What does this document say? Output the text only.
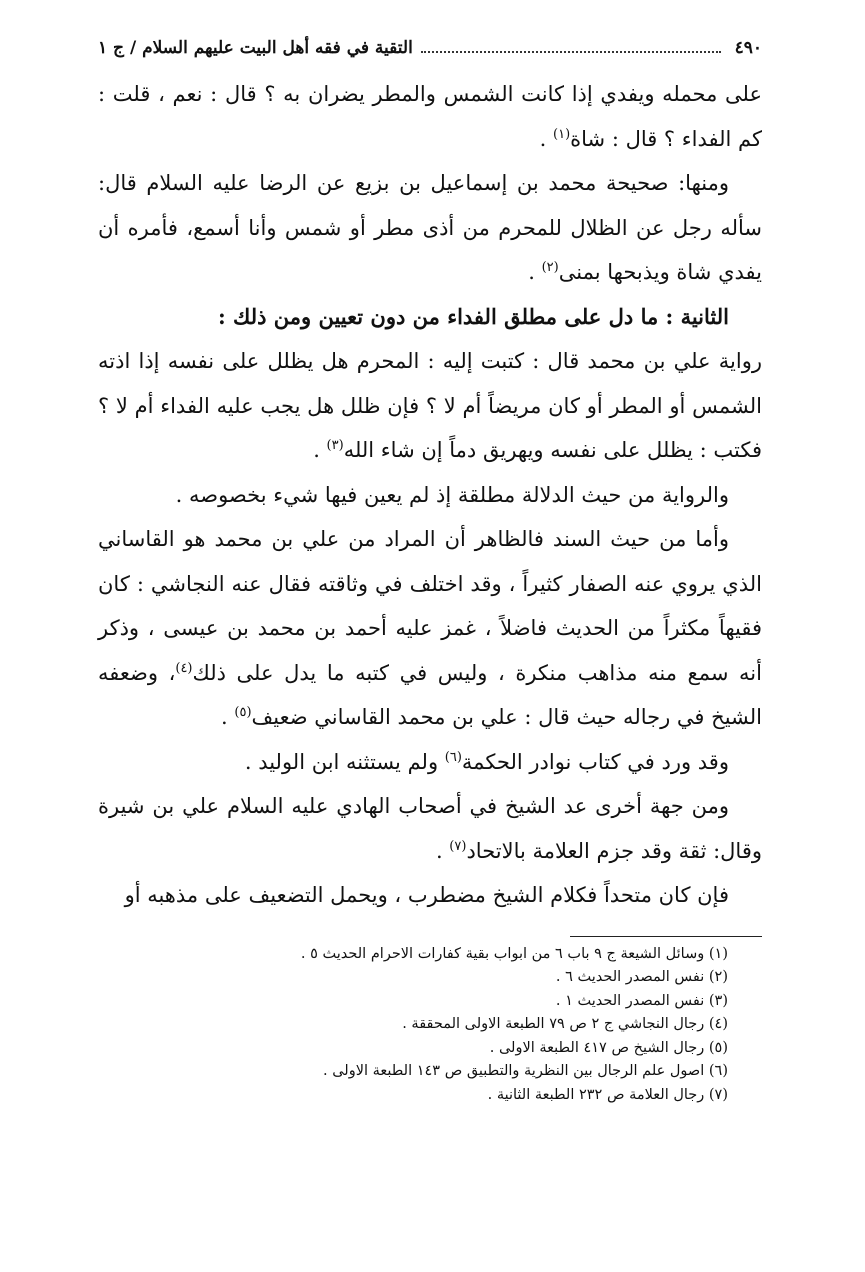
٤٩٠
التقية في فقه أهل البيت عليهم السلام / ج ١

على محمله ويفدي إذا كانت الشمس والمطر يضران به ؟ قال : نعم ، قلت : كم الفداء ؟ قال : شاة$^{(١)}$ .

ومنها: صحيحة محمد بن إسماعيل بن بزيع عن الرضا عليه السلام قال: سأله رجل عن الظلال للمحرم من أذى مطر أو شمس وأنا أسمع، فأمره أن يفدي شاة ويذبحها بمنى$^{(٢)}$ .

الثانية : ما دل على مطلق الفداء من دون تعيين ومن ذلك :

رواية علي بن محمد قال : كتبت إليه : المحرم هل يظلل على نفسه إذا اذته الشمس أو المطر أو كان مريضاً أم لا ؟ فإن ظلل هل يجب عليه الفداء أم لا ؟ فكتب : يظلل على نفسه ويهريق دماً إن شاء الله$^{(٣)}$ .

والرواية من حيث الدلالة مطلقة إذ لم يعين فيها شيء بخصوصه .

وأما من حيث السند فالظاهر أن المراد من علي بن محمد هو القاساني الذي يروي عنه الصفار كثيراً ، وقد اختلف في وثاقته فقال عنه النجاشي : كان فقيهاً مكثراً من الحديث فاضلاً ، غمز عليه أحمد بن محمد بن عيسى ، وذكر أنه سمع منه مذاهب منكرة ، وليس في كتبه ما يدل على ذلك$^{(٤)}$، وضعفه الشيخ في رجاله حيث قال : علي بن محمد القاساني ضعيف$^{(٥)}$ .

وقد ورد في كتاب نوادر الحكمة$^{(٦)}$ ولم يستثنه ابن الوليد .

ومن جهة أخرى عد الشيخ في أصحاب الهادي عليه السلام علي بن شيرة وقال: ثقة وقد جزم العلامة بالاتحاد$^{(٧)}$ .

فإن كان متحداً فكلام الشيخ مضطرب ، ويحمل التضعيف على مذهبه أو

(١) وسائل الشيعة ج ٩ باب ٦ من ابواب بقية كفارات الاحرام الحديث ٥ .
(٢) نفس المصدر الحديث ٦ .
(٣) نفس المصدر الحديث ١ .
(٤) رجال النجاشي ج ٢ ص ٧٩ الطبعة الاولى المحققة .
(٥) رجال الشيخ ص ٤١٧ الطبعة الاولى .
(٦) اصول علم الرجال بين النظرية والتطبيق ص ١٤٣ الطبعة الاولى .
(٧) رجال العلامة ص ٢٣٢ الطبعة الثانية .
